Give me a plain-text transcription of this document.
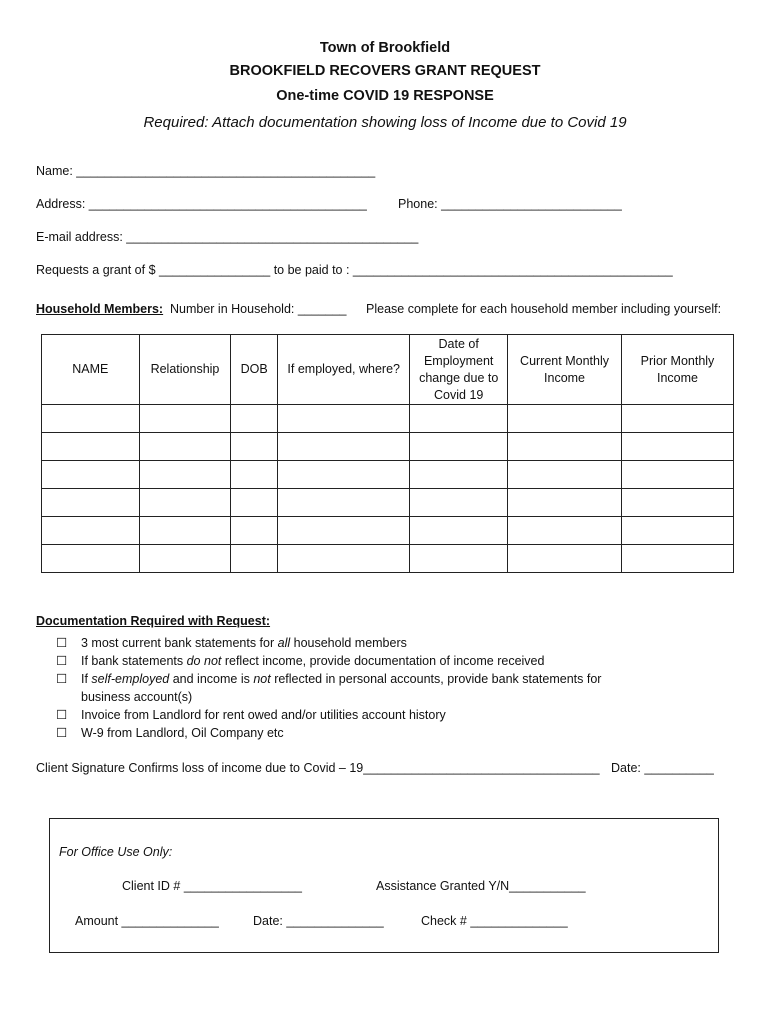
Town of Brookfield
BROOKFIELD RECOVERS GRANT REQUEST
One-time COVID 19 RESPONSE
Required: Attach documentation showing loss of Income due to Covid 19
Name: ___________________________________________
Address: ________________________________________ Phone: __________________________
E-mail address: __________________________________________
Requests a grant of $ ________________ to be paid to : ______________________________________________
Household Members: Number in Household: _______ Please complete for each household member including yourself:
NAME	Relationship	DOB	If employed, where?	Date of Employment change due to Covid 19	Current Monthly Income	Prior Monthly Income

Documentation Required with Request:
☐ 3 most current bank statements for all household members
☐ If bank statements do not reflect income, provide documentation of income received
☐ If self-employed and income is not reflected in personal accounts, provide bank statements for business account(s)
☐ Invoice from Landlord for rent owed and/or utilities account history
☐ W-9 from Landlord, Oil Company etc
Client Signature Confirms loss of income due to Covid – 19__________________________________ Date: __________
For Office Use Only:
Client ID # _________________	Assistance Granted Y/N___________
Amount ______________	Date: ______________	Check # ______________
